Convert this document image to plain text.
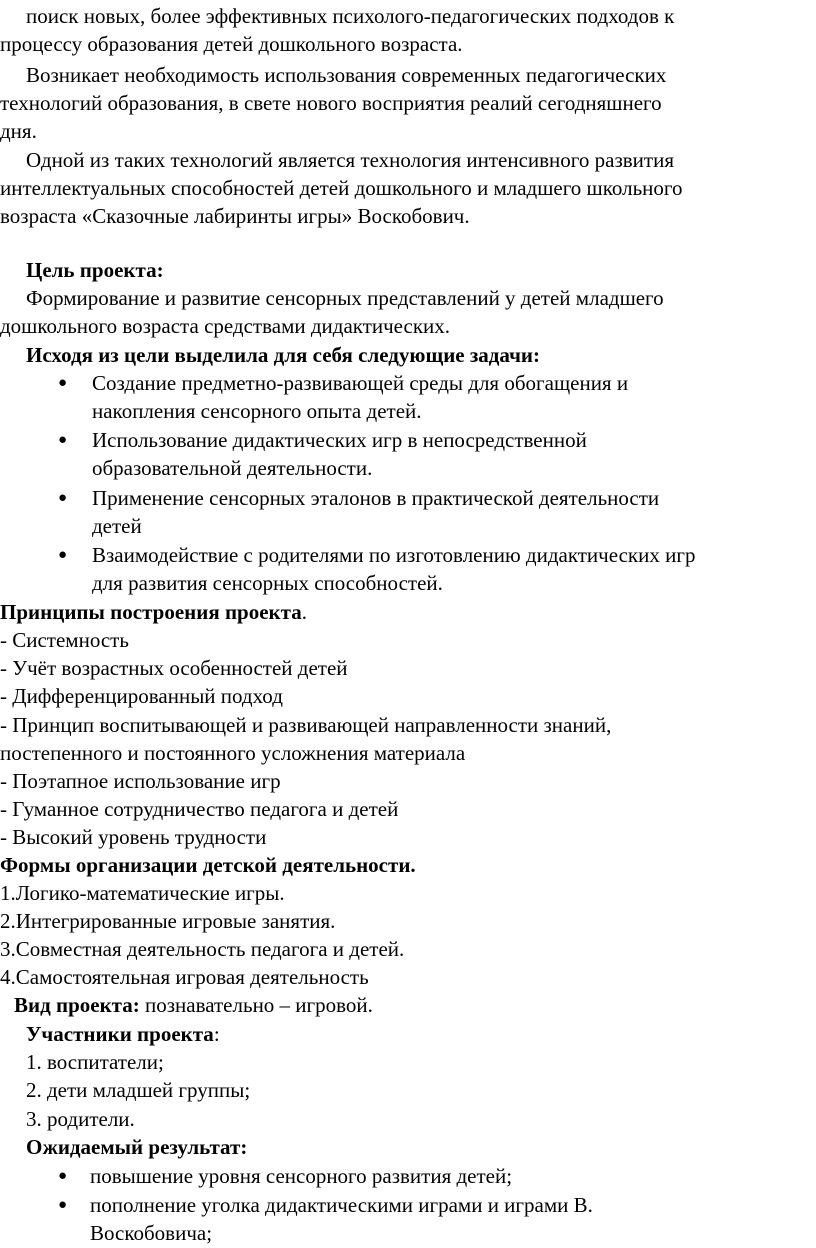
поиск новых, более эффективных психолого-педагогических подходов к
процессу образования детей дошкольного возраста.
Возникает необходимость использования современных педагогических
технологий образования, в свете нового восприятия реалий сегодняшнего
дня.
Одной из таких технологий является технология интенсивного развития
интеллектуальных способностей детей дошкольного и младшего школьного
возраста «Сказочные лабиринты игры» Воскобович.
Цель проекта:
Формирование и развитие сенсорных представлений у детей младшего
дошкольного возраста средствами дидактических.
Исходя из цели выделила для себя следующие задачи:
● Создание предметно-развивающей среды для обогащения и
накопления сенсорного опыта детей.
● Использование дидактических игр в непосредственной
образовательной деятельности.
● Применение сенсорных эталонов в практической деятельности
детей
● Взаимодействие с родителями по изготовлению дидактических игр
для развития сенсорных способностей.
Принципы построения проекта.
- Системность
- Учёт возрастных особенностей детей
- Дифференцированный подход
- Принцип воспитывающей и развивающей направленности знаний,
постепенного и постоянного усложнения материала
- Поэтапное использование игр
- Гуманное сотрудничество педагога и детей
- Высокий уровень трудности
Формы организации детской деятельности.
1.Логико-математические игры.
2.Интегрированные игровые занятия.
3.Совместная деятельность педагога и детей.
4.Самостоятельная игровая деятельность
Вид проекта: познавательно – игровой.
Участники проекта:
1. воспитатели;
2. дети младшей группы;
3. родители.
Ожидаемый результат:
● повышение уровня сенсорного развития детей;
● пополнение уголка дидактическими играми и играми В.
Воскобовича;
